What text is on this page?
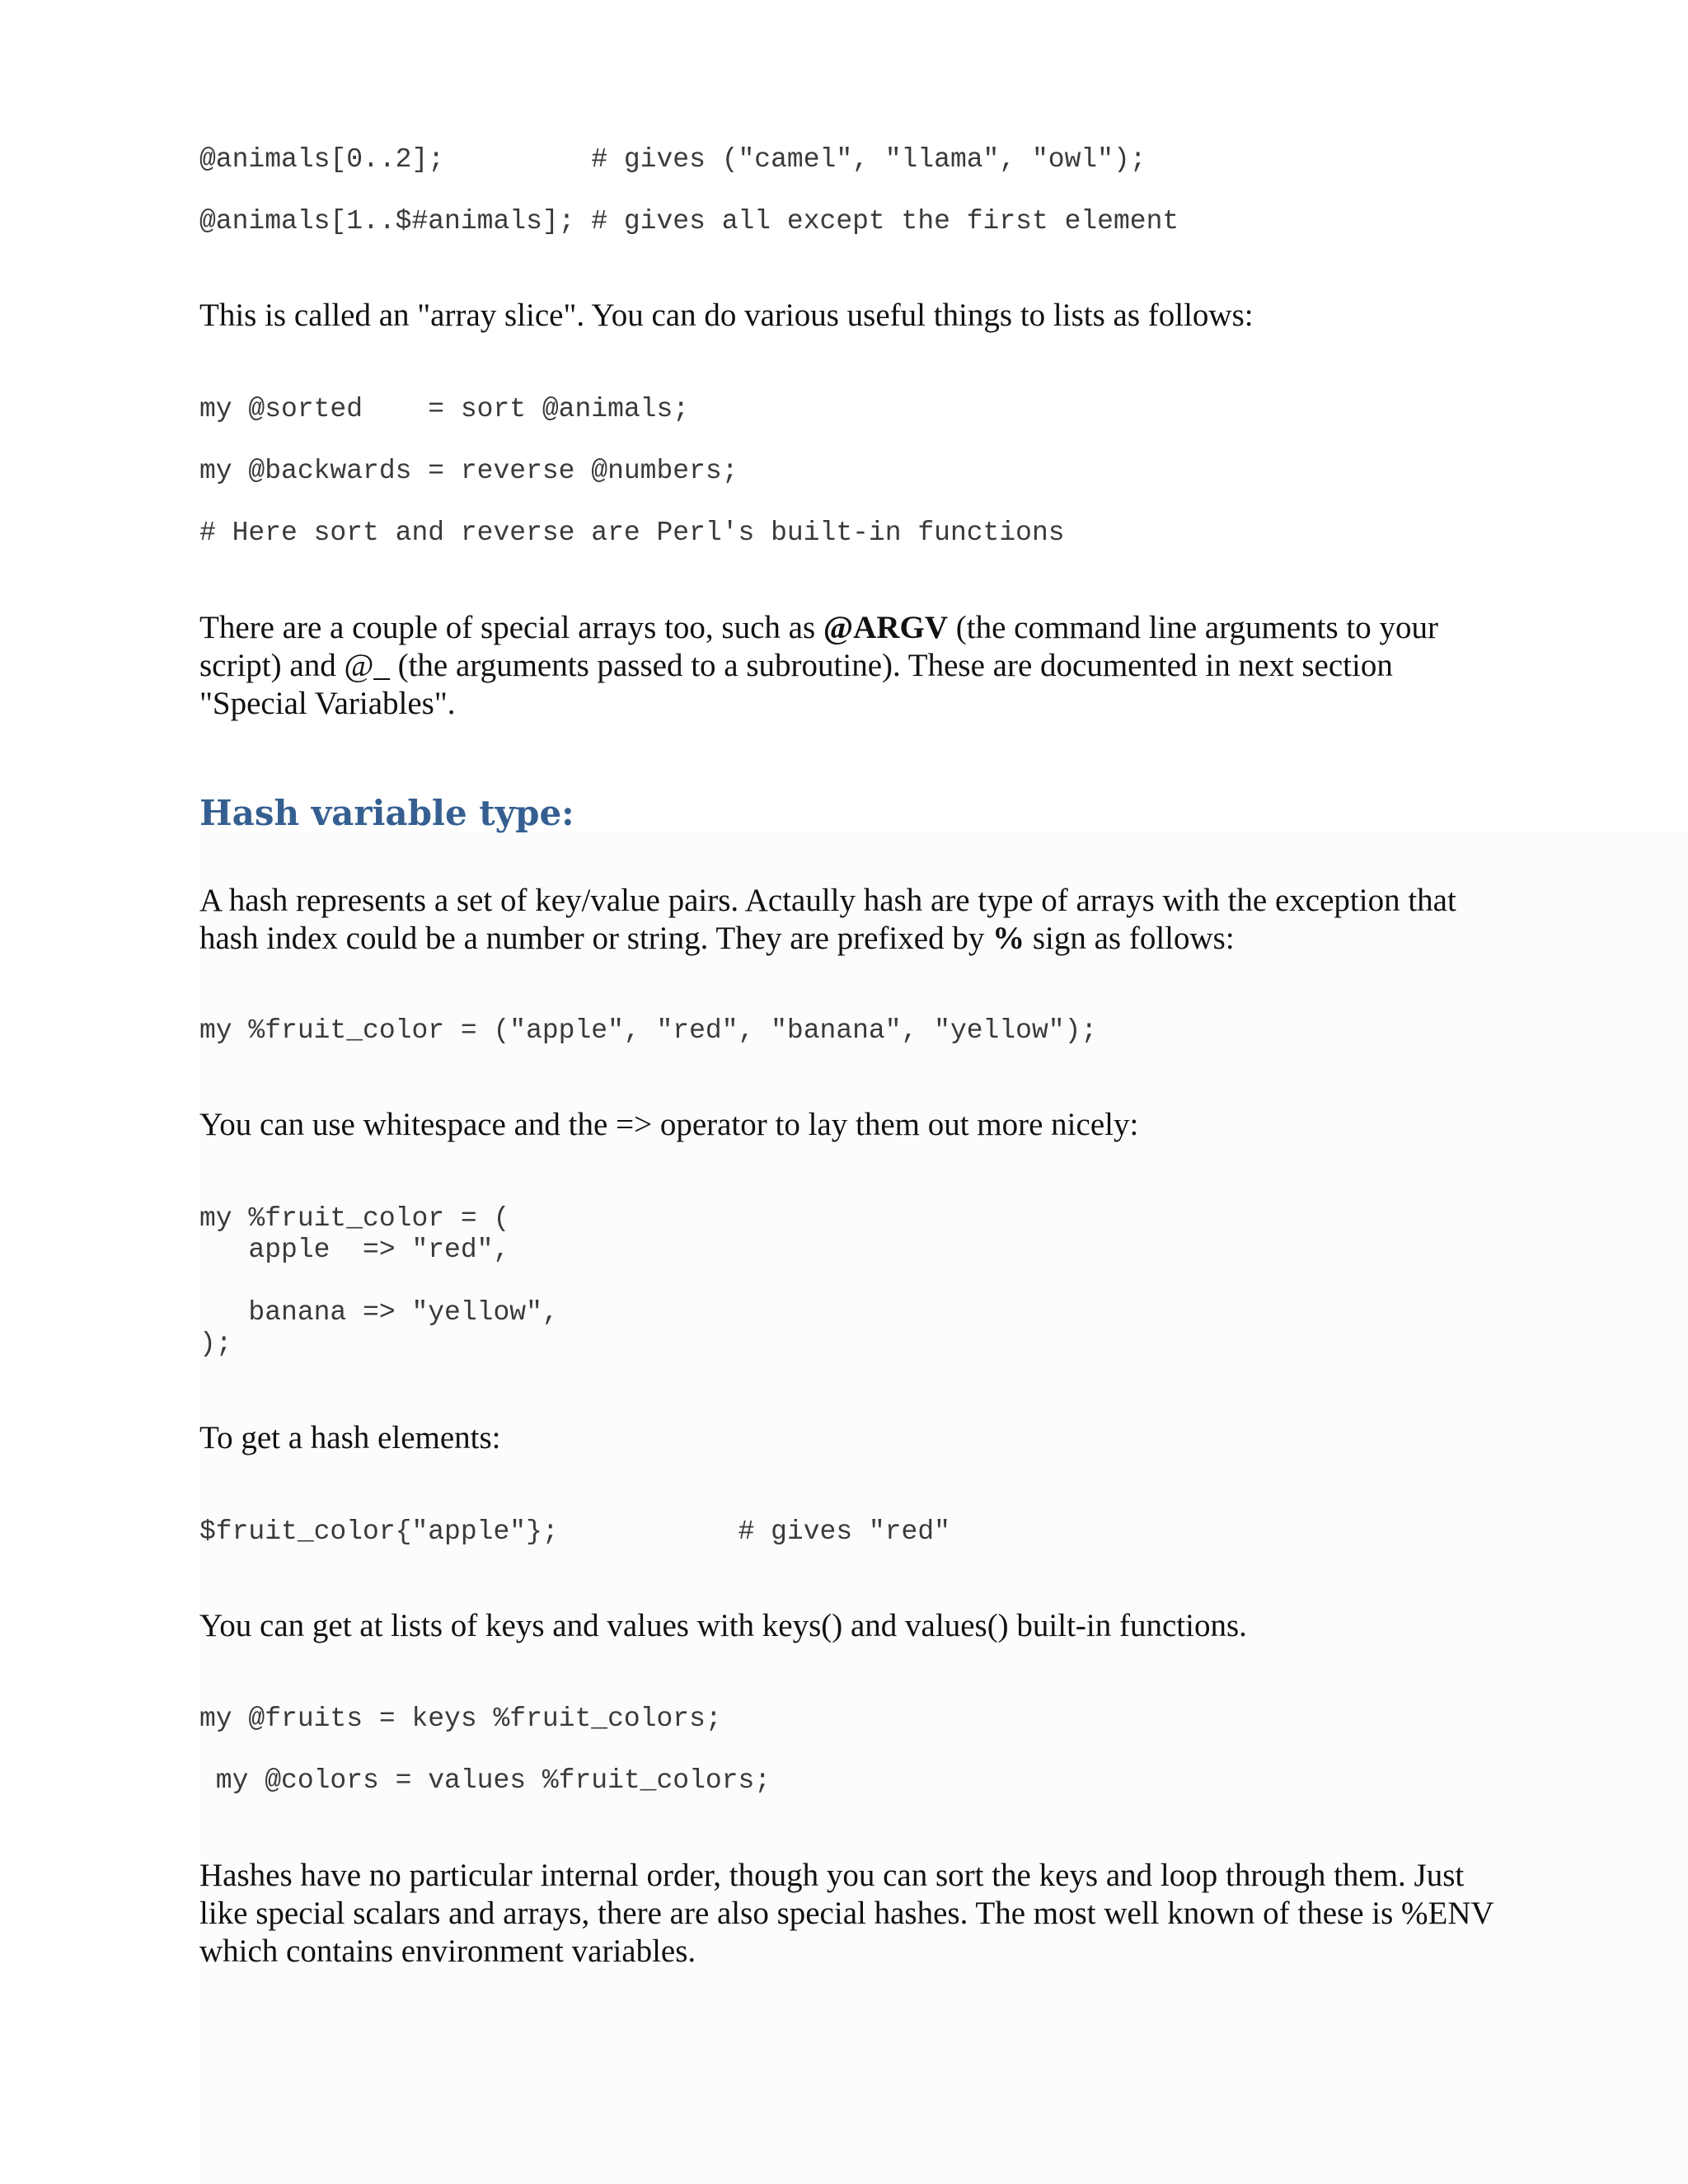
@animals[0..2];         # gives ("camel", "llama", "owl");
@animals[1..$#animals]; # gives all except the first element

This is called an "array slice". You can do various useful things to lists as follows:

my @sorted    = sort @animals;
my @backwards = reverse @numbers;
# Here sort and reverse are Perl's built-in functions

There are a couple of special arrays too, such as @ARGV (the command line arguments to your script) and @_ (the arguments passed to a subroutine). These are documented in next section "Special Variables".

Hash variable type:

A hash represents a set of key/value pairs. Actaully hash are type of arrays with the exception that hash index could be a number or string. They are prefixed by % sign as follows:

my %fruit_color = ("apple", "red", "banana", "yellow");

You can use whitespace and the => operator to lay them out more nicely:

my %fruit_color = (
apple  => "red",
banana => "yellow",
);

To get a hash elements:

$fruit_color{"apple"};           # gives "red"

You can get at lists of keys and values with keys() and values() built-in functions.

my @fruits = keys %fruit_colors;
my @colors = values %fruit_colors;

Hashes have no particular internal order, though you can sort the keys and loop through them. Just like special scalars and arrays, there are also special hashes. The most well known of these is %ENV which contains environment variables.
